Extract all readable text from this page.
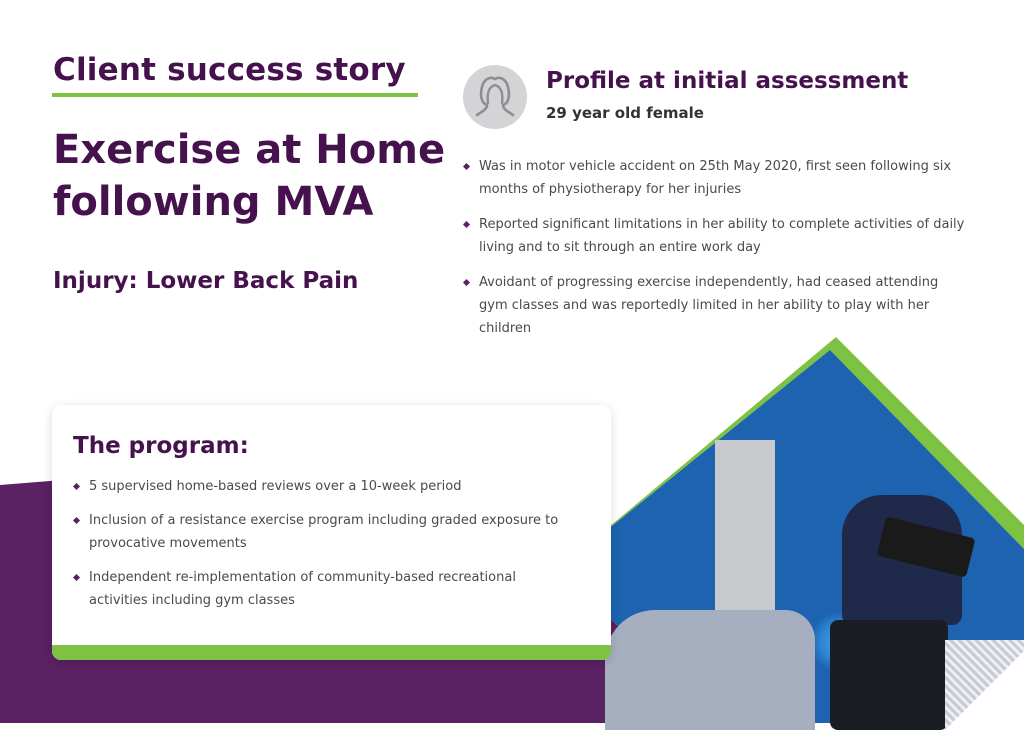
Client success story
Exercise at Home following MVA
Injury: Lower Back Pain
Profile at initial assessment

29 year old female

Was in motor vehicle accident on 25th May 2020, first seen following six months of physiotherapy for her injuries
Reported significant limitations in her ability to complete activities of daily living and to sit through an entire work day
Avoidant of progressing exercise independently, had ceased attending gym classes and was reportedly limited in her ability to play with her children
The program:
5 supervised home-based reviews over a 10-week period
Inclusion of a resistance exercise program including graded exposure to provocative movements
Independent re-implementation of community-based recreational activities including gym classes
